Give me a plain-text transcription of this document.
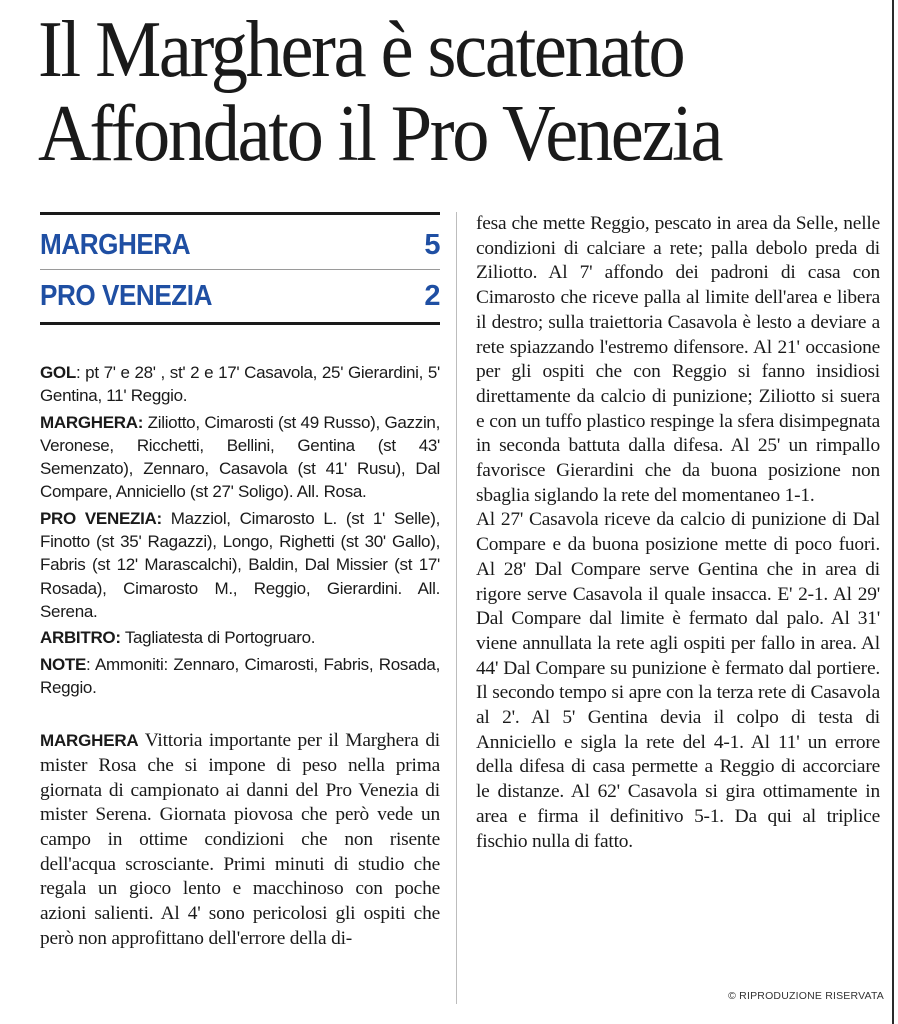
Il Marghera è scatenato
Affondato il Pro Venezia
MARGHERA	5
PRO VENEZIA	2

GOL: pt 7' e 28' , st' 2 e 17' Casavola, 25' Gierardini, 5' Gentina, 11' Reggio.

MARGHERA: Ziliotto, Cimarosti (st 49 Russo), Gazzin, Veronese, Ricchetti, Bellini, Gentina (st 43' Semenzato), Zennaro, Casavola (st 41' Rusu), Dal Compare, Anniciello (st 27' Soligo). All. Rosa.

PRO VENEZIA: Mazziol, Cimarosto L. (st 1' Selle), Finotto (st 35' Ragazzi), Longo, Righetti (st 30' Gallo), Fabris (st 12' Marascalchi), Baldin, Dal Missier (st 17' Rosada), Cimarosto M., Reggio, Gierardini. All. Serena.

ARBITRO: Tagliatesta di Portogruaro.

NOTE: Ammoniti: Zennaro, Cimarosti, Fabris, Rosada, Reggio.

MARGHERA Vittoria importante per il Marghera di mister Rosa che si impone di peso nella prima giornata di campionato ai danni del Pro Venezia di mister Serena. Giornata piovosa che però vede un campo in ottime condizioni che non risente dell'acqua scrosciante. Primi minuti di studio che regala un gioco lento e macchinoso con poche azioni salienti. Al 4' sono pericolosi gli ospiti che però non approfittano dell'errore della di-

fesa che mette Reggio, pescato in area da Selle, nelle condizioni di calciare a rete; palla debolo preda di Ziliotto. Al 7' affondo dei padroni di casa con Cimarosto che riceve palla al limite dell'area e libera il destro; sulla traiettoria Casavola è lesto a deviare a rete spiazzando l'estremo difensore. Al 21' occasione per gli ospiti che con Reggio si fanno insidiosi direttamente da calcio di punizione; Ziliotto si suera e con un tuffo plastico respinge la sfera disimpegnata in seconda battuta dalla difesa. Al 25' un rimpallo favorisce Gierardini che da buona posizione non sbaglia siglando la rete del momentaneo 1-1.

Al 27' Casavola riceve da calcio di punizione di Dal Compare e da buona posizione mette di poco fuori. Al 28' Dal Compare serve Gentina che in area di rigore serve Casavola il quale insacca. E' 2-1. Al 29' Dal Compare dal limite è fermato dal palo. Al 31' viene annullata la rete agli ospiti per fallo in area. Al 44' Dal Compare su punizione è fermato dal portiere. Il secondo tempo si apre con la terza rete di Casavola al 2'. Al 5' Gentina devia il colpo di testa di Anniciello e sigla la rete del 4-1. Al 11' un errore della difesa di casa permette a Reggio di accorciare le distanze. Al 62' Casavola si gira ottimamente in area e firma il definitivo 5-1. Da qui al triplice fischio nulla di fatto.

© RIPRODUZIONE RISERVATA
